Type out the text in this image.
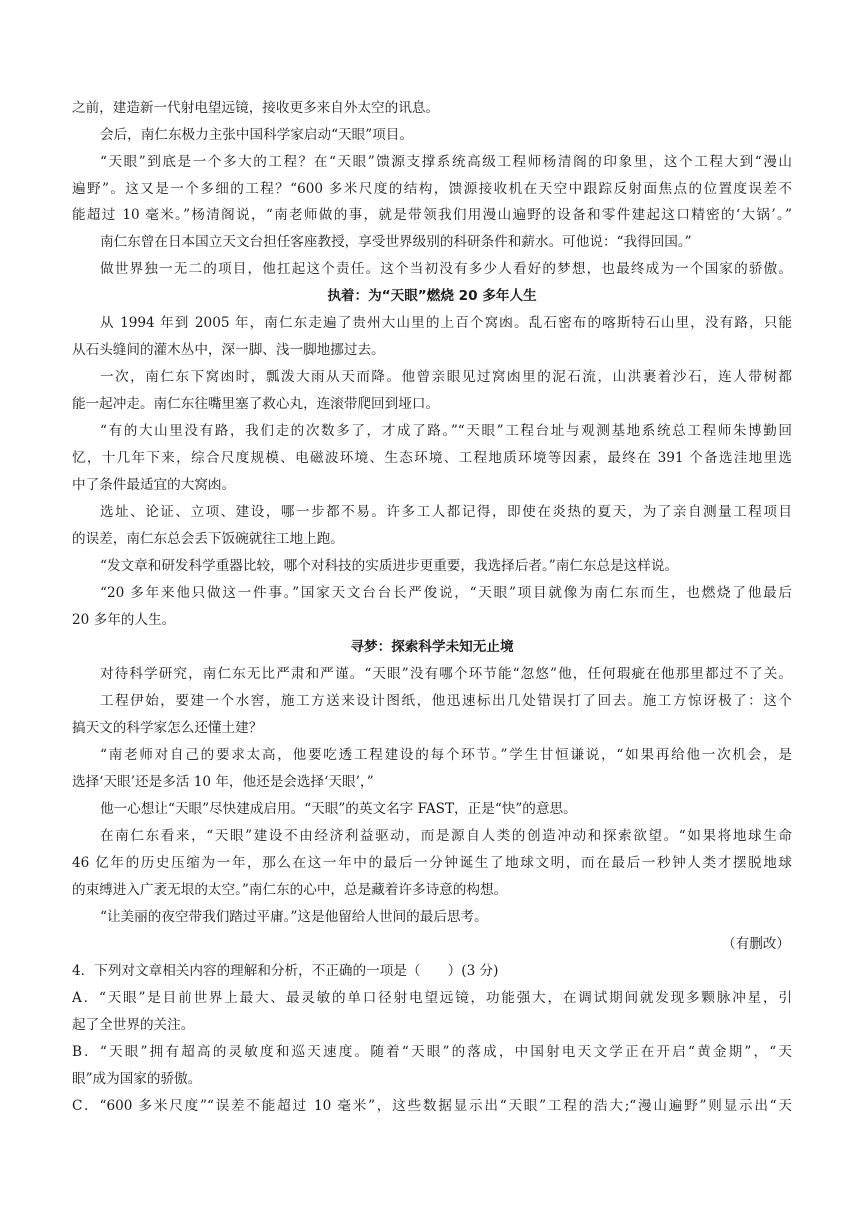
之前，建造新一代射电望远镜，接收更多来自外太空的讯息。
会后，南仁东极力主张中国科学家启动“天眼”项目。
“天眼”到底是一个多大的工程？在“天眼”馈源支撑系统高级工程师杨清阁的印象里，这个工程大到“漫山
遍野”。这又是一个多细的工程？“600 多米尺度的结构，馈源接收机在天空中跟踪反射面焦点的位置度误差不
能超过 10 毫米。”杨清阁说，“南老师做的事，就是带领我们用漫山遍野的设备和零件建起这口精密的‘大锅’。”
南仁东曾在日本国立天文台担任客座教授，享受世界级别的科研条件和薪水。可他说：“我得回国。”
做世界独一无二的项目，他扛起这个责任。这个当初没有多少人看好的梦想，也最终成为一个国家的骄傲。
执着：为“天眼”燃烧 20 多年人生
从 1994 年到 2005 年，南仁东走遍了贵州大山里的上百个窝凼。乱石密布的喀斯特石山里，没有路，只能
从石头缝间的灌木丛中，深一脚、浅一脚地挪过去。
一次，南仁东下窝凼时，瓢泼大雨从天而降。他曾亲眼见过窝凼里的泥石流，山洪裹着沙石，连人带树都
能一起冲走。南仁东往嘴里塞了救心丸，连滚带爬回到垭口。
“有的大山里没有路，我们走的次数多了，才成了路。”“天眼”工程台址与观测基地系统总工程师朱博勤回
忆，十几年下来，综合尺度规模、电磁波环境、生态环境、工程地质环境等因素，最终在 391 个备选洼地里选
中了条件最适宜的大窝凼。
选址、论证、立项、建设，哪一步都不易。许多工人都记得，即使在炎热的夏天，为了亲自测量工程项目
的误差，南仁东总会丢下饭碗就往工地上跑。
“发文章和研发科学重器比较，哪个对科技的实质进步更重要，我选择后者。”南仁东总是这样说。
“20 多年来他只做这一件事。”国家天文台台长严俊说，“天眼”项目就像为南仁东而生，也燃烧了他最后
20 多年的人生。
寻梦：探索科学未知无止境
对待科学研究，南仁东无比严肃和严谨。“天眼”没有哪个环节能“忽悠”他，任何瑕疵在他那里都过不了关。
工程伊始，要建一个水窖，施工方送来设计图纸，他迅速标出几处错误打了回去。施工方惊讶极了：这个
搞天文的科学家怎么还懂土建？
“南老师对自己的要求太高，他要吃透工程建设的每个环节。”学生甘恒谦说，“如果再给他一次机会，是
选择‘天眼’还是多活 10 年，他还是会选择‘天眼’，”
他一心想让“天眼”尽快建成启用。“天眼”的英文名字 FAST，正是“快”的意思。
在南仁东看来，“天眼”建设不由经济利益驱动，而是源自人类的创造冲动和探索欲望。“如果将地球生命
46 亿年的历史压缩为一年，那么在这一年中的最后一分钟诞生了地球文明，而在最后一秒钟人类才摆脱地球
的束缚进入广袤无垠的太空。”南仁东的心中，总是藏着许多诗意的构想。
“让美丽的夜空带我们踏过平庸。”这是他留给人世间的最后思考。
（有删改）
4．下列对文章相关内容的理解和分析，不正确的一项是（　　）(3 分)
A．“天眼”是目前世界上最大、最灵敏的单口径射电望远镜，功能强大，在调试期间就发现多颗脉冲星，引
起了全世界的关注。
B．“天眼”拥有超高的灵敏度和巡天速度。随着“天眼”的落成，中国射电天文学正在开启“黄金期”，“天
眼”成为国家的骄傲。
C．“600 多米尺度”“误差不能超过 10 毫米”，这些数据显示出“天眼”工程的浩大;“漫山遍野”则显示出“天
